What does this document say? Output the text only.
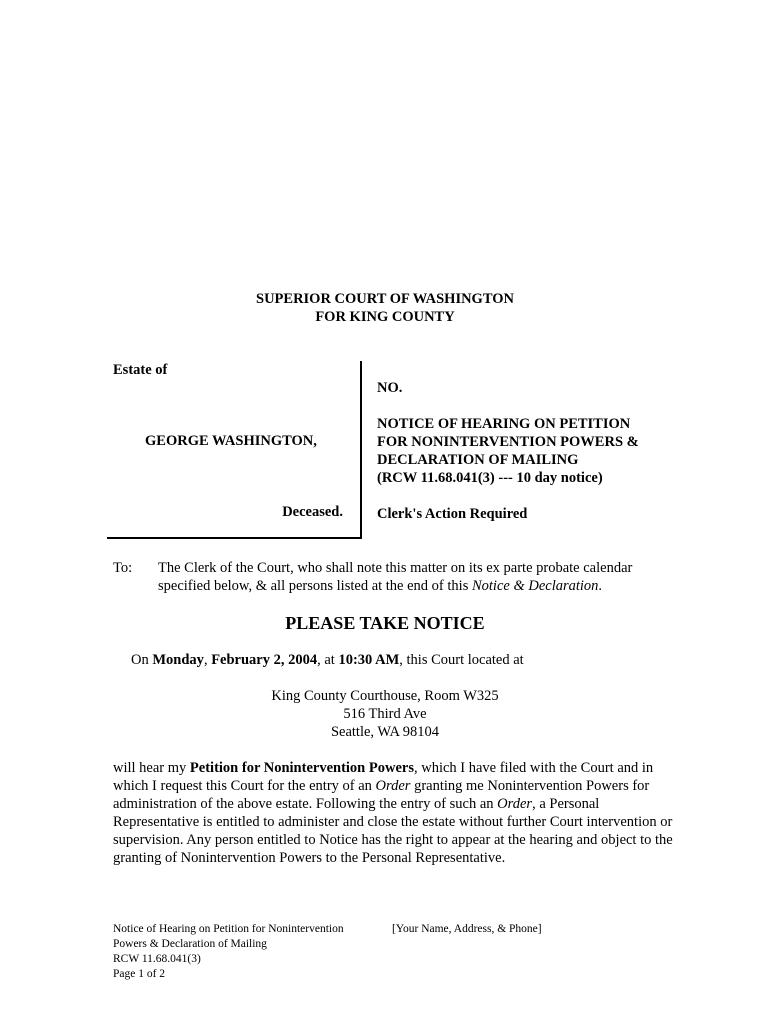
SUPERIOR COURT OF WASHINGTON
FOR KING COUNTY
Estate of
GEORGE WASHINGTON,
Deceased.
NO.
NOTICE OF HEARING ON PETITION
FOR NONINTERVENTION POWERS &
DECLARATION OF MAILING
(RCW 11.68.041(3) --- 10 day notice)
Clerk's Action Required
To: The Clerk of the Court, who shall note this matter on its ex parte probate calendar specified below, & all persons listed at the end of this Notice & Declaration.
PLEASE TAKE NOTICE
On Monday, February 2, 2004, at 10:30 AM, this Court located at
King County Courthouse, Room W325
516 Third Ave
Seattle, WA 98104
will hear my Petition for Nonintervention Powers, which I have filed with the Court and in which I request this Court for the entry of an Order granting me Nonintervention Powers for administration of the above estate. Following the entry of such an Order, a Personal Representative is entitled to administer and close the estate without further Court intervention or supervision. Any person entitled to Notice has the right to appear at the hearing and object to the granting of Nonintervention Powers to the Personal Representative.
Notice of Hearing on Petition for Nonintervention
Powers & Declaration of Mailing
RCW 11.68.041(3)
Page 1 of 2
[Your Name, Address, & Phone]
